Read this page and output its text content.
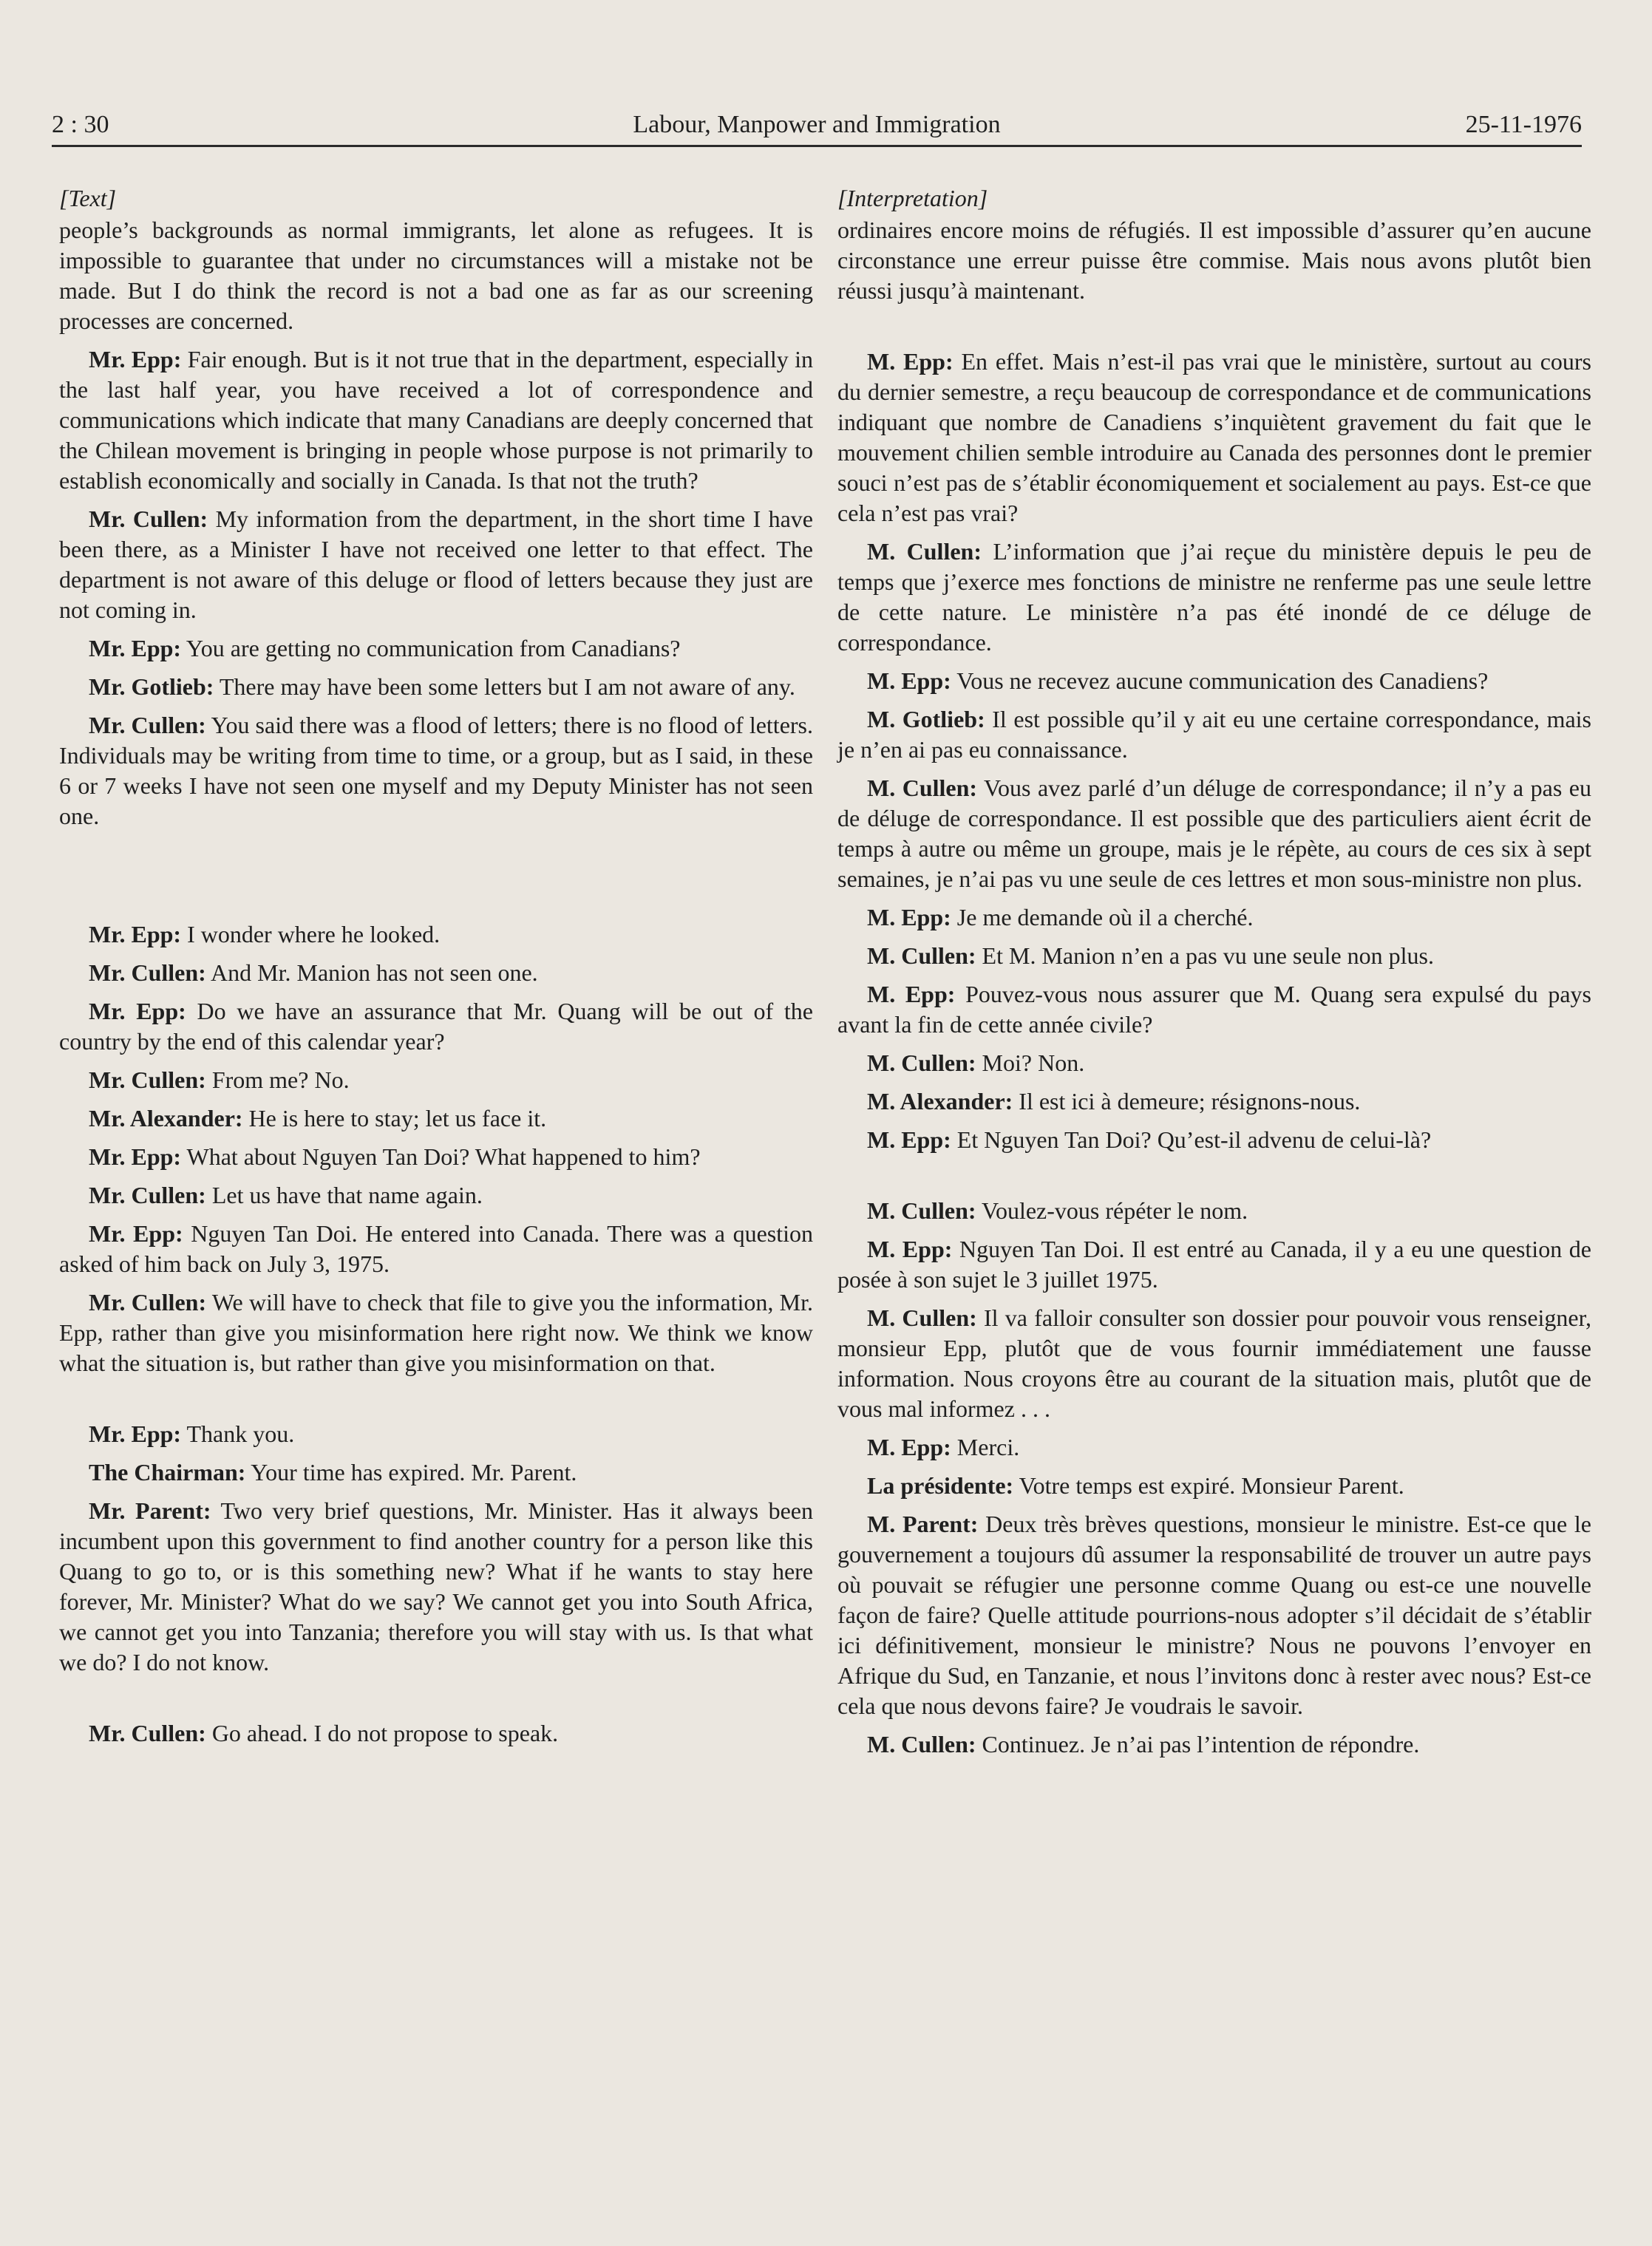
2 : 30	Labour, Manpower and Immigration	25-11-1976
[Text]

people’s backgrounds as normal immigrants, let alone as refugees. It is impossible to guarantee that under no circumstances will a mistake not be made. But I do think the record is not a bad one as far as our screening processes are concerned.

Mr. Epp: Fair enough. But is it not true that in the department, especially in the last half year, you have received a lot of correspondence and communications which indicate that many Canadians are deeply concerned that the Chilean movement is bringing in people whose purpose is not primarily to establish economically and socially in Canada. Is that not the truth?

Mr. Cullen: My information from the department, in the short time I have been there, as a Minister I have not received one letter to that effect. The department is not aware of this deluge or flood of letters because they just are not coming in.

Mr. Epp: You are getting no communication from Canadians?

Mr. Gotlieb: There may have been some letters but I am not aware of any.

Mr. Cullen: You said there was a flood of letters; there is no flood of letters. Individuals may be writing from time to time, or a group, but as I said, in these 6 or 7 weeks I have not seen one myself and my Deputy Minister has not seen one.

Mr. Epp: I wonder where he looked.

Mr. Cullen: And Mr. Manion has not seen one.

Mr. Epp: Do we have an assurance that Mr. Quang will be out of the country by the end of this calendar year?

Mr. Cullen: From me? No.

Mr. Alexander: He is here to stay; let us face it.

Mr. Epp: What about Nguyen Tan Doi? What happened to him?

Mr. Cullen: Let us have that name again.

Mr. Epp: Nguyen Tan Doi. He entered into Canada. There was a question asked of him back on July 3, 1975.

Mr. Cullen: We will have to check that file to give you the information, Mr. Epp, rather than give you misinformation here right now. We think we know what the situation is, but rather than give you misinformation on that.

Mr. Epp: Thank you.

The Chairman: Your time has expired. Mr. Parent.

Mr. Parent: Two very brief questions, Mr. Minister. Has it always been incumbent upon this government to find another country for a person like this Quang to go to, or is this something new? What if he wants to stay here forever, Mr. Minister? What do we say? We cannot get you into South Africa, we cannot get you into Tanzania; therefore you will stay with us. Is that what we do? I do not know.

Mr. Cullen: Go ahead. I do not propose to speak.

[Interpretation]

ordinaires encore moins de réfugiés. Il est impossible d’assurer qu’en aucune circonstance une erreur puisse être commise. Mais nous avons plutôt bien réussi jusqu’à maintenant.

M. Epp: En effet. Mais n’est-il pas vrai que le ministère, surtout au cours du dernier semestre, a reçu beaucoup de correspondance et de communications indiquant que nombre de Canadiens s’inquiètent gravement du fait que le mouvement chilien semble introduire au Canada des personnes dont le premier souci n’est pas de s’établir économiquement et socialement au pays. Est-ce que cela n’est pas vrai?

M. Cullen: L’information que j’ai reçue du ministère depuis le peu de temps que j’exerce mes fonctions de ministre ne renferme pas une seule lettre de cette nature. Le ministère n’a pas été inondé de ce déluge de correspondance.

M. Epp: Vous ne recevez aucune communication des Canadiens?

M. Gotlieb: Il est possible qu’il y ait eu une certaine correspondance, mais je n’en ai pas eu connaissance.

M. Cullen: Vous avez parlé d’un déluge de correspondance; il n’y a pas eu de déluge de correspondance. Il est possible que des particuliers aient écrit de temps à autre ou même un groupe, mais je le répète, au cours de ces six à sept semaines, je n’ai pas vu une seule de ces lettres et mon sous-ministre non plus.

M. Epp: Je me demande où il a cherché.

M. Cullen: Et M. Manion n’en a pas vu une seule non plus.

M. Epp: Pouvez-vous nous assurer que M. Quang sera expulsé du pays avant la fin de cette année civile?

M. Cullen: Moi? Non.

M. Alexander: Il est ici à demeure; résignons-nous.

M. Epp: Et Nguyen Tan Doi? Qu’est-il advenu de celui-là?

M. Cullen: Voulez-vous répéter le nom.

M. Epp: Nguyen Tan Doi. Il est entré au Canada, il y a eu une question de posée à son sujet le 3 juillet 1975.

M. Cullen: Il va falloir consulter son dossier pour pouvoir vous renseigner, monsieur Epp, plutôt que de vous fournir immédiatement une fausse information. Nous croyons être au courant de la situation mais, plutôt que de vous mal informez . . .

M. Epp: Merci.

La présidente: Votre temps est expiré. Monsieur Parent.

M. Parent: Deux très brèves questions, monsieur le ministre. Est-ce que le gouvernement a toujours dû assumer la responsabilité de trouver un autre pays où pouvait se réfugier une personne comme Quang ou est-ce une nouvelle façon de faire? Quelle attitude pourrions-nous adopter s’il décidait de s’établir ici définitivement, monsieur le ministre? Nous ne pouvons l’envoyer en Afrique du Sud, en Tanzanie, et nous l’invitons donc à rester avec nous? Est-ce cela que nous devons faire? Je voudrais le savoir.

M. Cullen: Continuez. Je n’ai pas l’intention de répondre.
